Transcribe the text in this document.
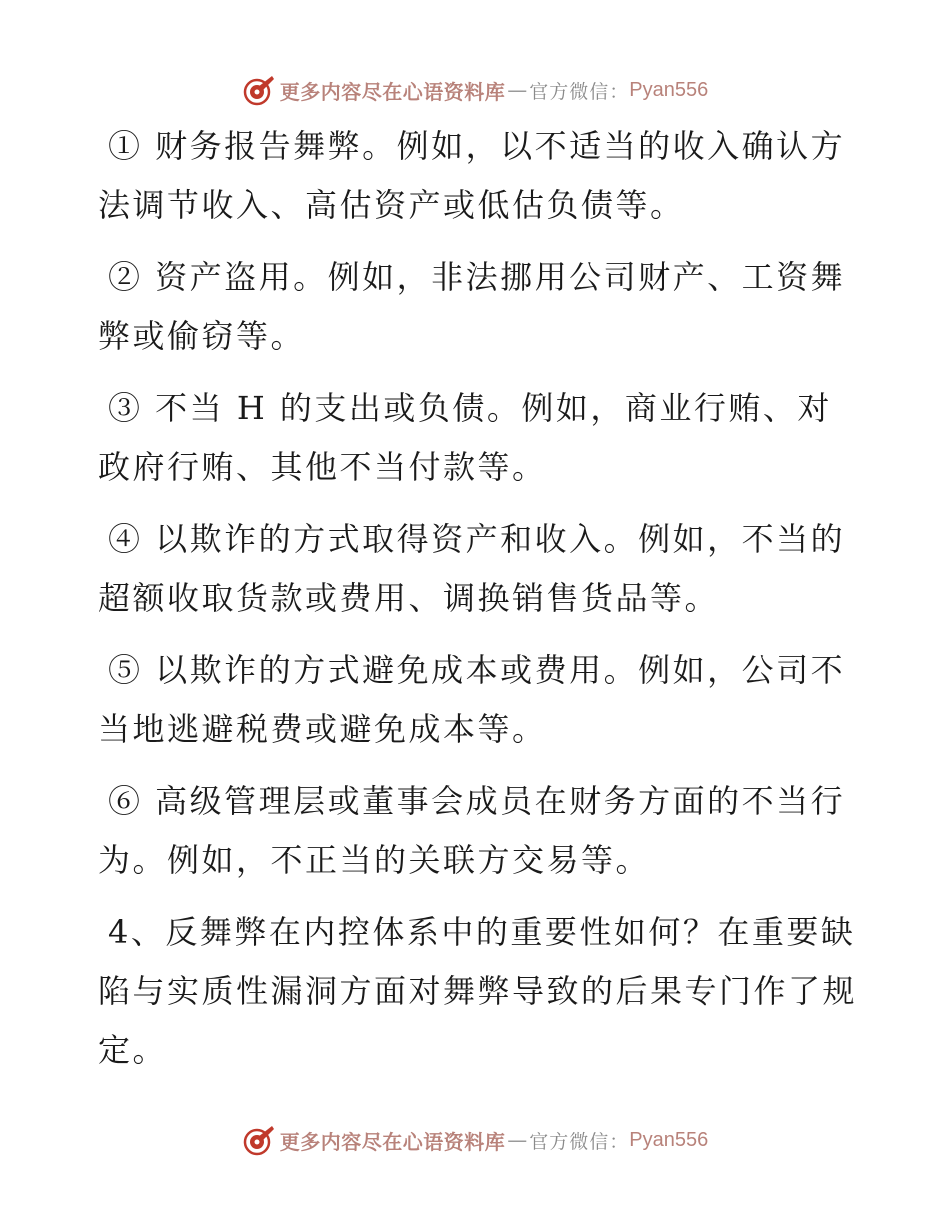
更多内容尽在心语资料库 — 官方微信： Pyan556

① 财务报告舞弊。例如，以不适当的收入确认方法调节收入、高估资产或低估负债等。

② 资产盗用。例如，非法挪用公司财产、工资舞弊或偷窃等。

③ 不当 H 的支出或负债。例如，商业行贿、对政府行贿、其他不当付款等。

④ 以欺诈的方式取得资产和收入。例如，不当的超额收取货款或费用、调换销售货品等。

⑤ 以欺诈的方式避免成本或费用。例如，公司不当地逃避税费或避免成本等。

⑥ 高级管理层或董事会成员在财务方面的不当行为。例如，不正当的关联方交易等。

4、反舞弊在内控体系中的重要性如何？在重要缺陷与实质性漏洞方面对舞弊导致的后果专门作了规定。

更多内容尽在心语资料库 — 官方微信： Pyan556
